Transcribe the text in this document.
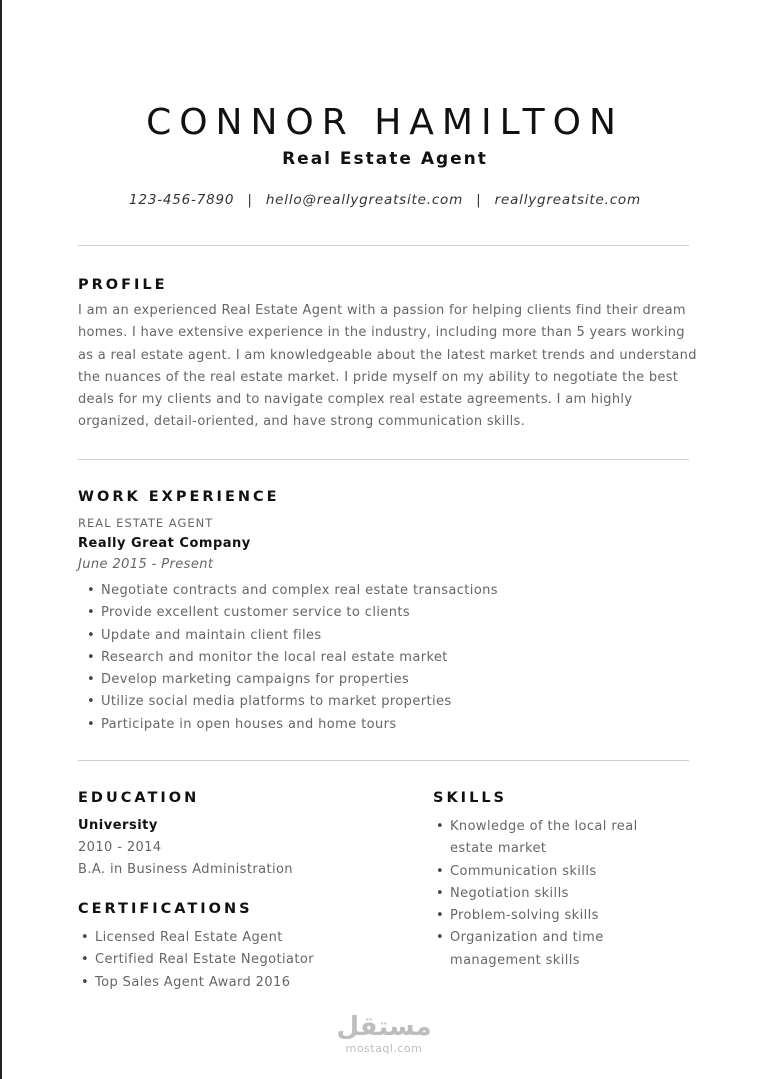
CONNOR HAMILTON
Real Estate Agent
123-456-7890 | hello@reallygreatsite.com | reallygreatsite.com
PROFILE

I am an experienced Real Estate Agent with a passion for helping clients find their dream homes. I have extensive experience in the industry, including more than 5 years working as a real estate agent. I am knowledgeable about the latest market trends and understand the nuances of the real estate market. I pride myself on my ability to negotiate the best deals for my clients and to navigate complex real estate agreements. I am highly organized, detail-oriented, and have strong communication skills.

WORK EXPERIENCE
REAL ESTATE AGENT
Really Great Company
June 2015 - Present
• Negotiate contracts and complex real estate transactions
• Provide excellent customer service to clients
• Update and maintain client files
• Research and monitor the local real estate market
• Develop marketing campaigns for properties
• Utilize social media platforms to market properties
• Participate in open houses and home tours
EDUCATION
University
2010 - 2014
B.A. in Business Administration
CERTIFICATIONS
• Licensed Real Estate Agent
• Certified Real Estate Negotiator
• Top Sales Agent Award 2016
SKILLS
• Knowledge of the local real estate market
• Communication skills
• Negotiation skills
• Problem-solving skills
• Organization and time management skills
مستقل
mostaql.com
